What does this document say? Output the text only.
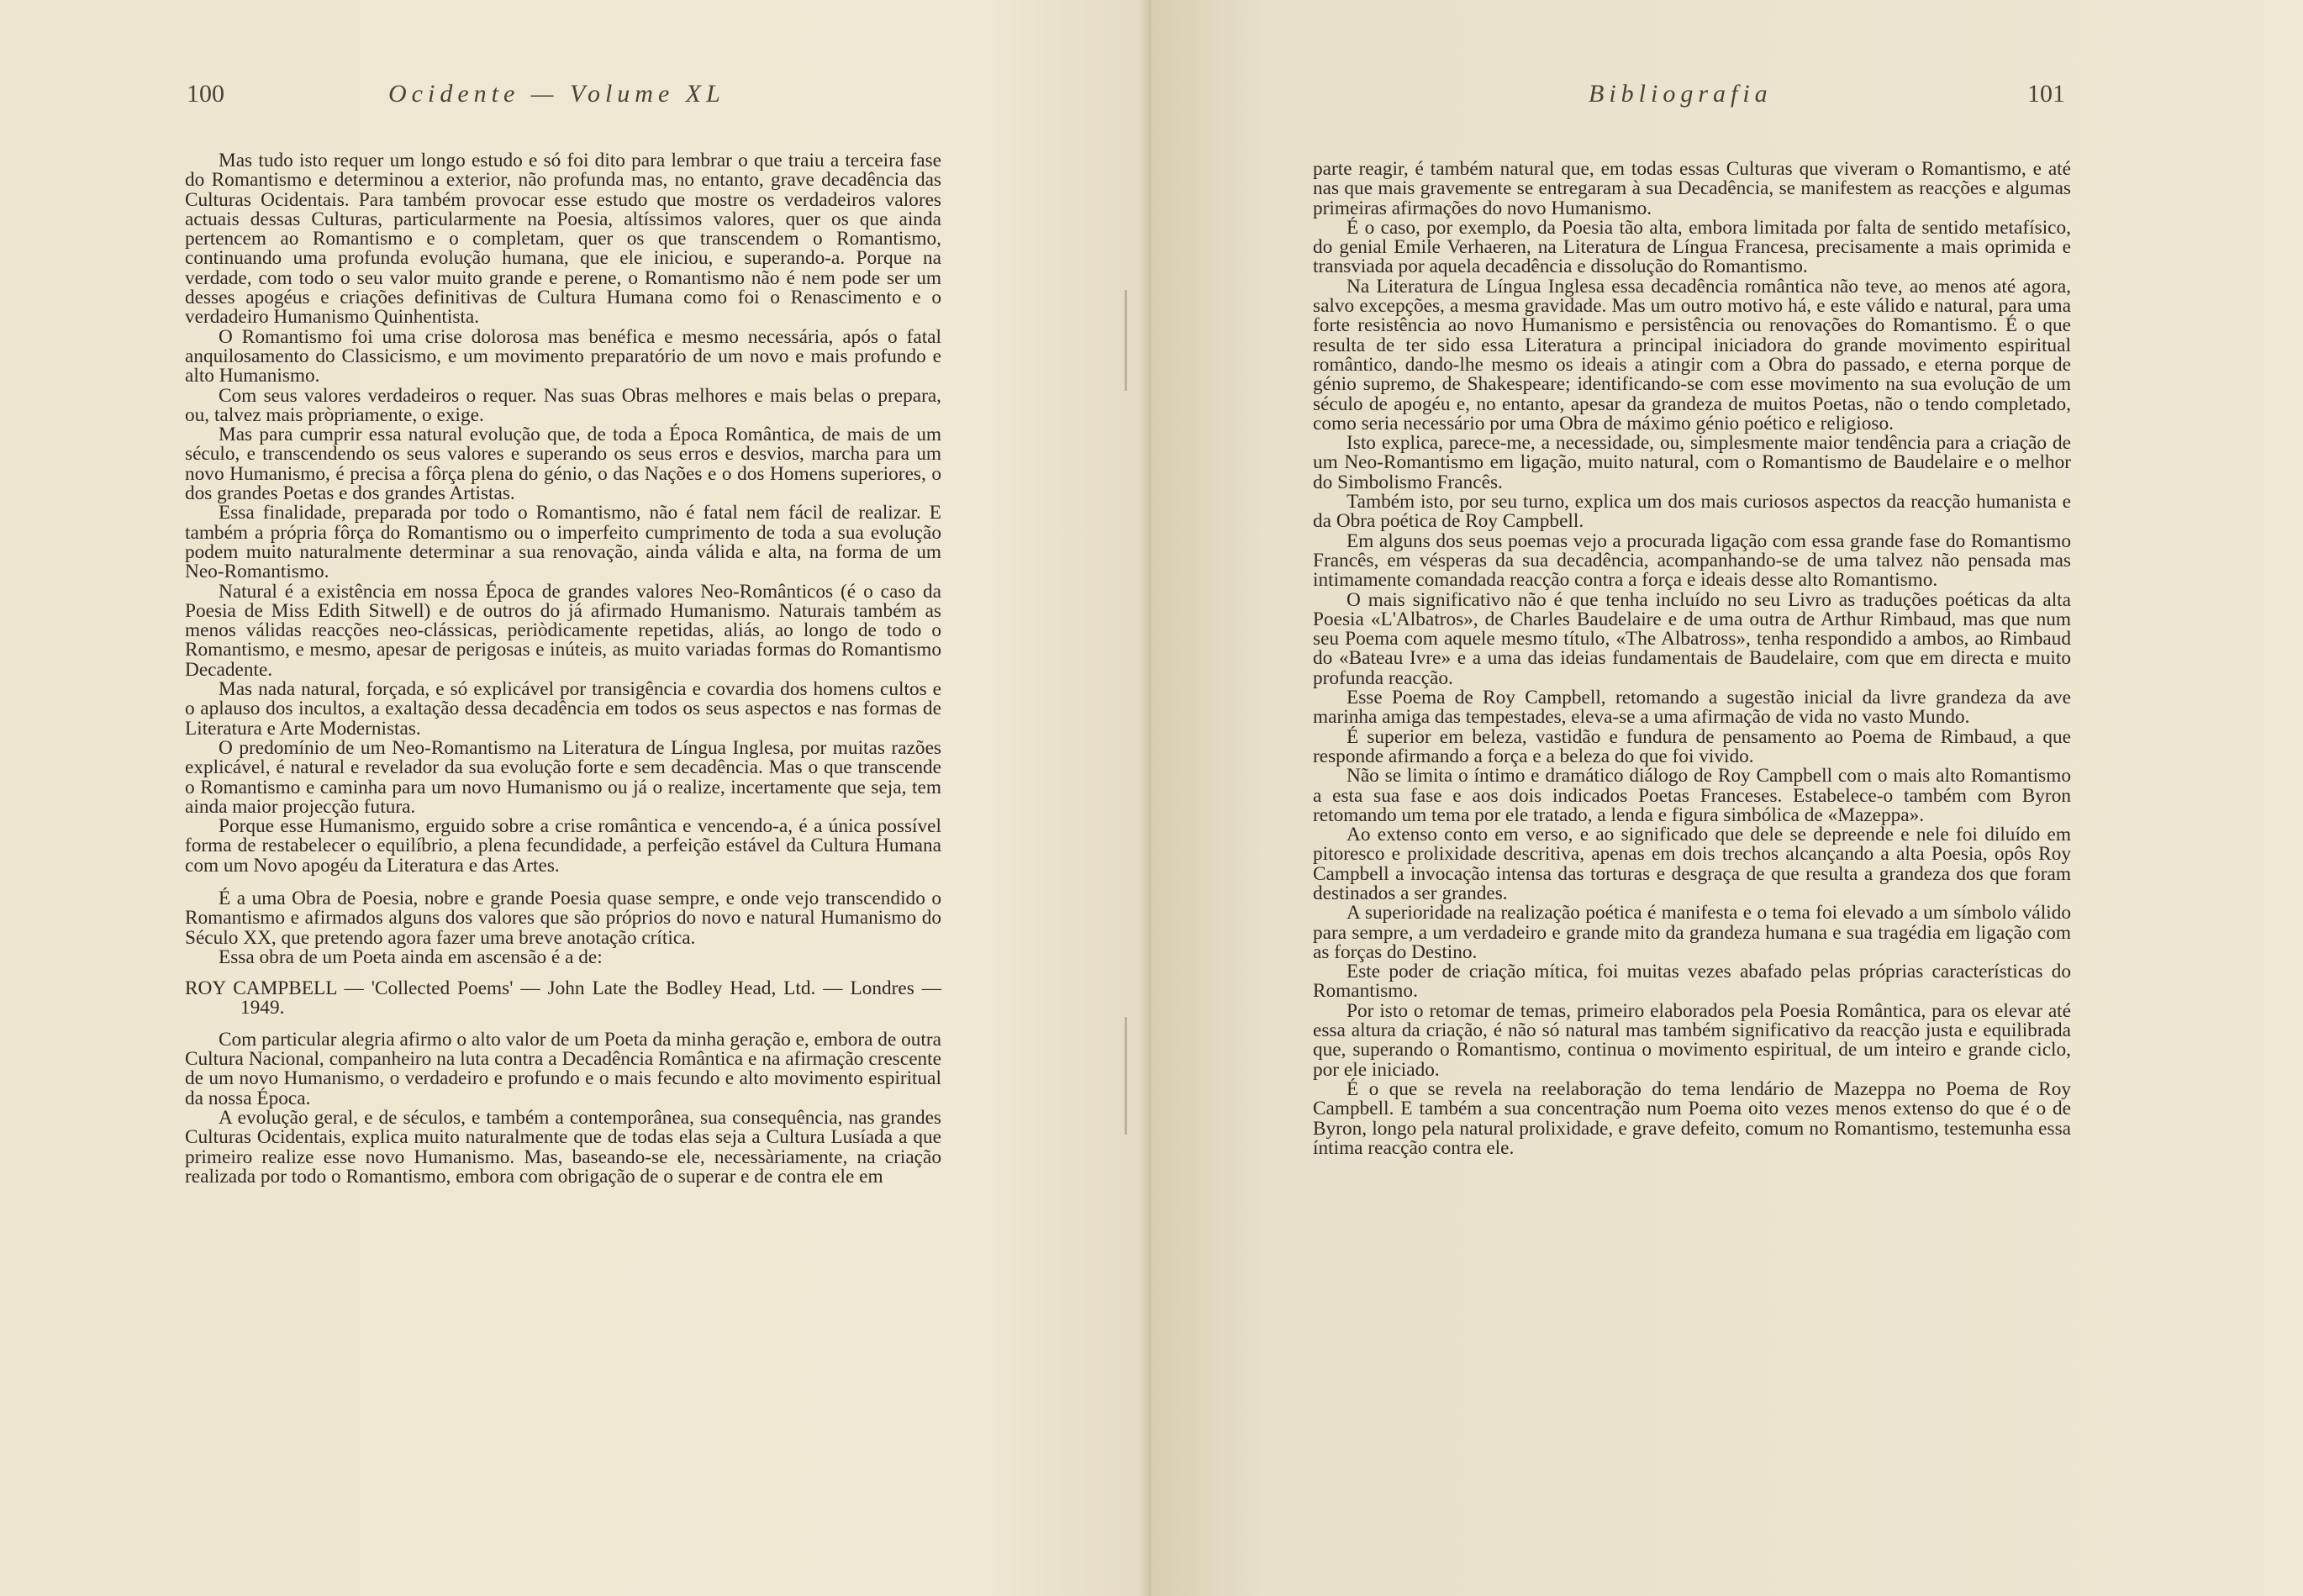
100	Ocidente — Volume XL

Mas tudo isto requer um longo estudo e só foi dito para lembrar o que traiu a terceira fase do Romantismo e determinou a exterior, não profunda mas, no entanto, grave decadência das Culturas Ocidentais. Para também provocar esse estudo que mostre os verdadeiros valores actuais dessas Culturas, particularmente na Poesia, altíssimos valores, quer os que ainda pertencem ao Romantismo e o completam, quer os que transcendem o Romantismo, continuando uma profunda evolução humana, que ele iniciou, e superando-a. Porque na verdade, com todo o seu valor muito grande e perene, o Romantismo não é nem pode ser um desses apogéus e criações definitivas de Cultura Humana como foi o Renascimento e o verdadeiro Humanismo Quinhentista.

O Romantismo foi uma crise dolorosa mas benéfica e mesmo necessária, após o fatal anquilosamento do Classicismo, e um movimento preparatório de um novo e mais profundo e alto Humanismo.

Com seus valores verdadeiros o requer. Nas suas Obras melhores e mais belas o prepara, ou, talvez mais pròpriamente, o exige.

Mas para cumprir essa natural evolução que, de toda a Época Romântica, de mais de um século, e transcendendo os seus valores e superando os seus erros e desvios, marcha para um novo Humanismo, é precisa a fôrça plena do génio, o das Nações e o dos Homens superiores, o dos grandes Poetas e dos grandes Artistas.

Essa finalidade, preparada por todo o Romantismo, não é fatal nem fácil de realizar. E também a própria fôrça do Romantismo ou o imperfeito cumprimento de toda a sua evolução podem muito naturalmente determinar a sua renovação, ainda válida e alta, na forma de um Neo-Romantismo.

Natural é a existência em nossa Época de grandes valores Neo-Românticos (é o caso da Poesia de Miss Edith Sitwell) e de outros do já afirmado Humanismo. Naturais também as menos válidas reacções neo-clássicas, periòdicamente repetidas, aliás, ao longo de todo o Romantismo, e mesmo, apesar de perigosas e inúteis, as muito variadas formas do Romantismo Decadente.

Mas nada natural, forçada, e só explicável por transigência e covardia dos homens cultos e o aplauso dos incultos, a exaltação dessa decadência em todos os seus aspectos e nas formas de Literatura e Arte Modernistas.

O predomínio de um Neo-Romantismo na Literatura de Língua Inglesa, por muitas razões explicável, é natural e revelador da sua evolução forte e sem decadência. Mas o que transcende o Romantismo e caminha para um novo Humanismo ou já o realize, incertamente que seja, tem ainda maior projecção futura.

Porque esse Humanismo, erguido sobre a crise romântica e vencendo-a, é a única possível forma de restabelecer o equilíbrio, a plena fecundidade, a perfeição estável da Cultura Humana com um Novo apogéu da Literatura e das Artes.

É a uma Obra de Poesia, nobre e grande Poesia quase sempre, e onde vejo transcendido o Romantismo e afirmados alguns dos valores que são próprios do novo e natural Humanismo do Século XX, que pretendo agora fazer uma breve anotação crítica.

Essa obra de um Poeta ainda em ascensão é a de:

ROY CAMPBELL — 'Collected Poems' — John Late the Bodley Head, Ltd. — Londres — 1949.

Com particular alegria afirmo o alto valor de um Poeta da minha geração e, embora de outra Cultura Nacional, companheiro na luta contra a Decadência Romântica e na afirmação crescente de um novo Humanismo, o verdadeiro e profundo e o mais fecundo e alto movimento espiritual da nossa Época.

A evolução geral, e de séculos, e também a contemporânea, sua consequência, nas grandes Culturas Ocidentais, explica muito naturalmente que de todas elas seja a Cultura Lusíada a que primeiro realize esse novo Humanismo. Mas, baseando-se ele, necessàriamente, na criação realizada por todo o Romantismo, embora com obrigação de o superar e de contra ele em

Bibliografia	101

parte reagir, é também natural que, em todas essas Culturas que viveram o Romantismo, e até nas que mais gravemente se entregaram à sua Decadência, se manifestem as reacções e algumas primeiras afirmações do novo Humanismo.

É o caso, por exemplo, da Poesia tão alta, embora limitada por falta de sentido metafísico, do genial Emile Verhaeren, na Literatura de Língua Francesa, precisamente a mais oprimida e transviada por aquela decadência e dissolução do Romantismo.

Na Literatura de Língua Inglesa essa decadência romântica não teve, ao menos até agora, salvo excepções, a mesma gravidade. Mas um outro motivo há, e este válido e natural, para uma forte resistência ao novo Humanismo e persistência ou renovações do Romantismo. É o que resulta de ter sido essa Literatura a principal iniciadora do grande movimento espiritual romântico, dando-lhe mesmo os ideais a atingir com a Obra do passado, e eterna porque de génio supremo, de Shakespeare; identificando-se com esse movimento na sua evolução de um século de apogéu e, no entanto, apesar da grandeza de muitos Poetas, não o tendo completado, como seria necessário por uma Obra de máximo génio poético e religioso.

Isto explica, parece-me, a necessidade, ou, simplesmente maior tendência para a criação de um Neo-Romantismo em ligação, muito natural, com o Romantismo de Baudelaire e o melhor do Simbolismo Francês.

Também isto, por seu turno, explica um dos mais curiosos aspectos da reacção humanista e da Obra poética de Roy Campbell.

Em alguns dos seus poemas vejo a procurada ligação com essa grande fase do Romantismo Francês, em vésperas da sua decadência, acompanhando-se de uma talvez não pensada mas intimamente comandada reacção contra a força e ideais desse alto Romantismo.

O mais significativo não é que tenha incluído no seu Livro as traduções poéticas da alta Poesia «L'Albatros», de Charles Baudelaire e de uma outra de Arthur Rimbaud, mas que num seu Poema com aquele mesmo título, «The Albatross», tenha respondido a ambos, ao Rimbaud do «Bateau Ivre» e a uma das ideias fundamentais de Baudelaire, com que em directa e muito profunda reacção.

Esse Poema de Roy Campbell, retomando a sugestão inicial da livre grandeza da ave marinha amiga das tempestades, eleva-se a uma afirmação de vida no vasto Mundo.

É superior em beleza, vastidão e fundura de pensamento ao Poema de Rimbaud, a que responde afirmando a força e a beleza do que foi vivido.

Não se limita o íntimo e dramático diálogo de Roy Campbell com o mais alto Romantismo a esta sua fase e aos dois indicados Poetas Franceses. Estabelece-o também com Byron retomando um tema por ele tratado, a lenda e figura simbólica de «Mazeppa».

Ao extenso conto em verso, e ao significado que dele se depreende e nele foi diluído em pitoresco e prolixidade descritiva, apenas em dois trechos alcançando a alta Poesia, opôs Roy Campbell a invocação intensa das torturas e desgraça de que resulta a grandeza dos que foram destinados a ser grandes.

A superioridade na realização poética é manifesta e o tema foi elevado a um símbolo válido para sempre, a um verdadeiro e grande mito da grandeza humana e sua tragédia em ligação com as forças do Destino.

Este poder de criação mítica, foi muitas vezes abafado pelas próprias características do Romantismo.

Por isto o retomar de temas, primeiro elaborados pela Poesia Romântica, para os elevar até essa altura da criação, é não só natural mas também significativo da reacção justa e equilibrada que, superando o Romantismo, continua o movimento espiritual, de um inteiro e grande ciclo, por ele iniciado.

É o que se revela na reelaboração do tema lendário de Mazeppa no Poema de Roy Campbell. E também a sua concentração num Poema oito vezes menos extenso do que é o de Byron, longo pela natural prolixidade, e grave defeito, comum no Romantismo, testemunha essa íntima reacção contra ele.
